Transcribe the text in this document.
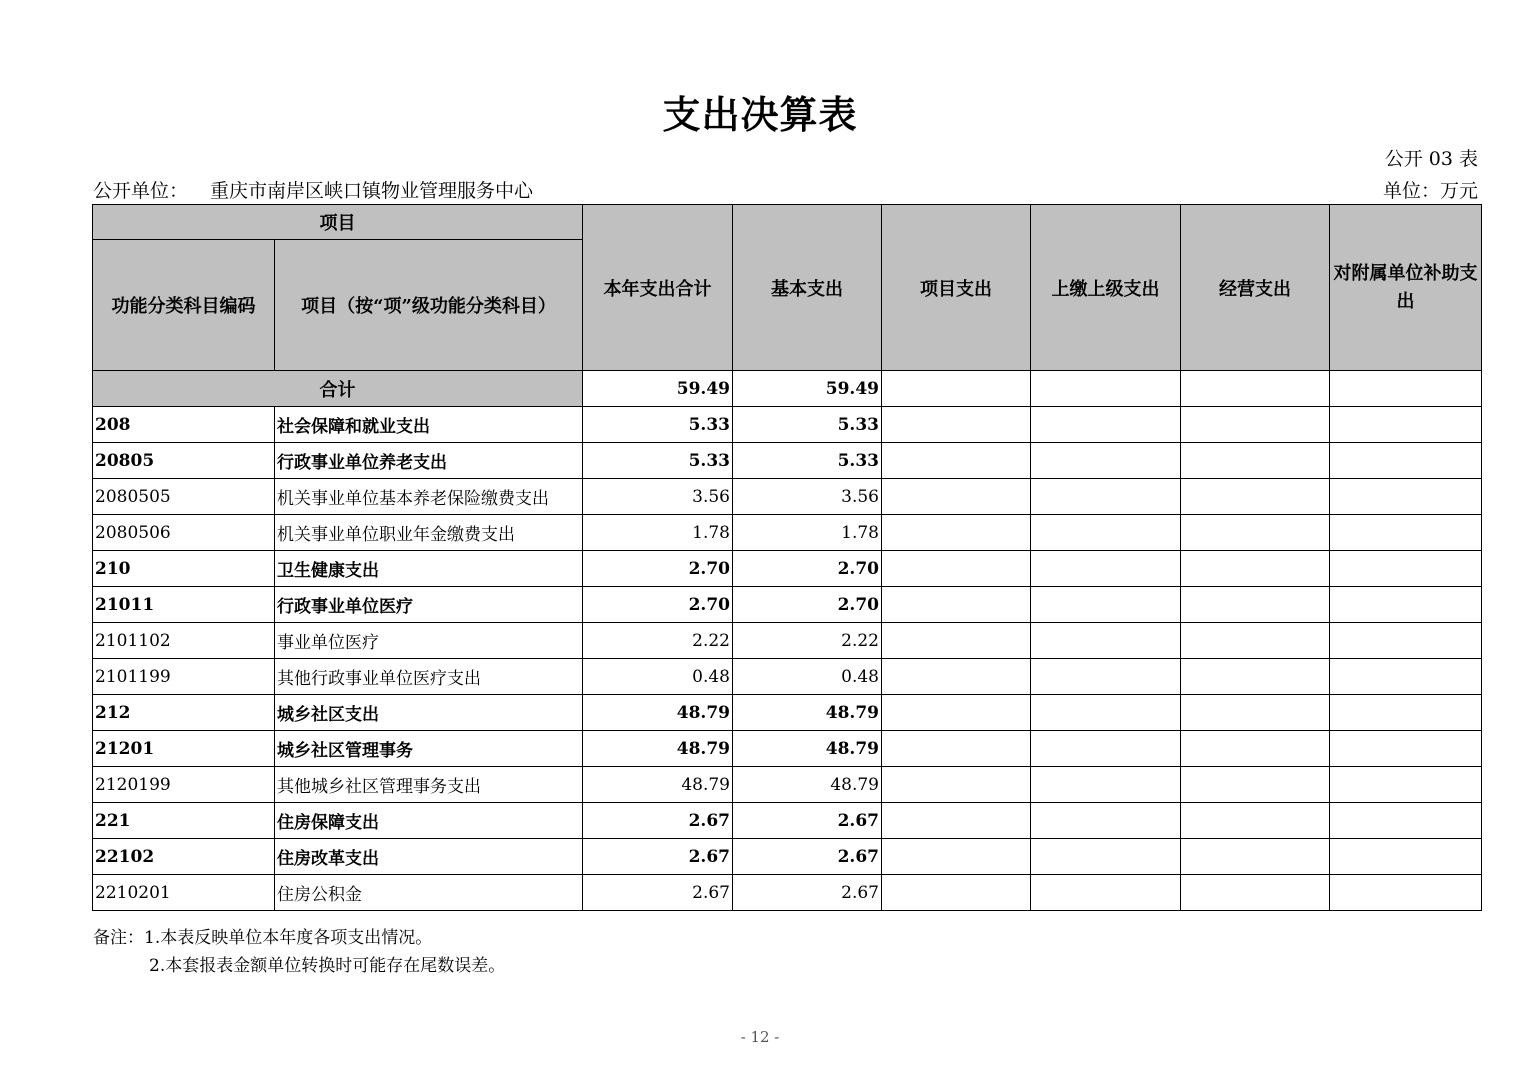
支出决算表
公开 03 表
公开单位： 重庆市南岸区峡口镇物业管理服务中心	单位：万元
项目		本年支出合计	基本支出	项目支出	上缴上级支出	经营支出	对附属单位补助支出
功能分类科目编码	项目（按“项”级功能分类科目）						
合计		59.49	59.49				
208	社会保障和就业支出	5.33	5.33				
20805	行政事业单位养老支出	5.33	5.33				
2080505	机关事业单位基本养老保险缴费支出	3.56	3.56				
2080506	机关事业单位职业年金缴费支出	1.78	1.78				
210	卫生健康支出	2.70	2.70				
21011	行政事业单位医疗	2.70	2.70				
2101102	事业单位医疗	2.22	2.22				
2101199	其他行政事业单位医疗支出	0.48	0.48				
212	城乡社区支出	48.79	48.79				
21201	城乡社区管理事务	48.79	48.79				
2120199	其他城乡社区管理事务支出	48.79	48.79				
221	住房保障支出	2.67	2.67				
22102	住房改革支出	2.67	2.67				
2210201	住房公积金	2.67	2.67				
备注：1.本表反映单位本年度各项支出情况。
2.本套报表金额单位转换时可能存在尾数误差。
- 12 -
